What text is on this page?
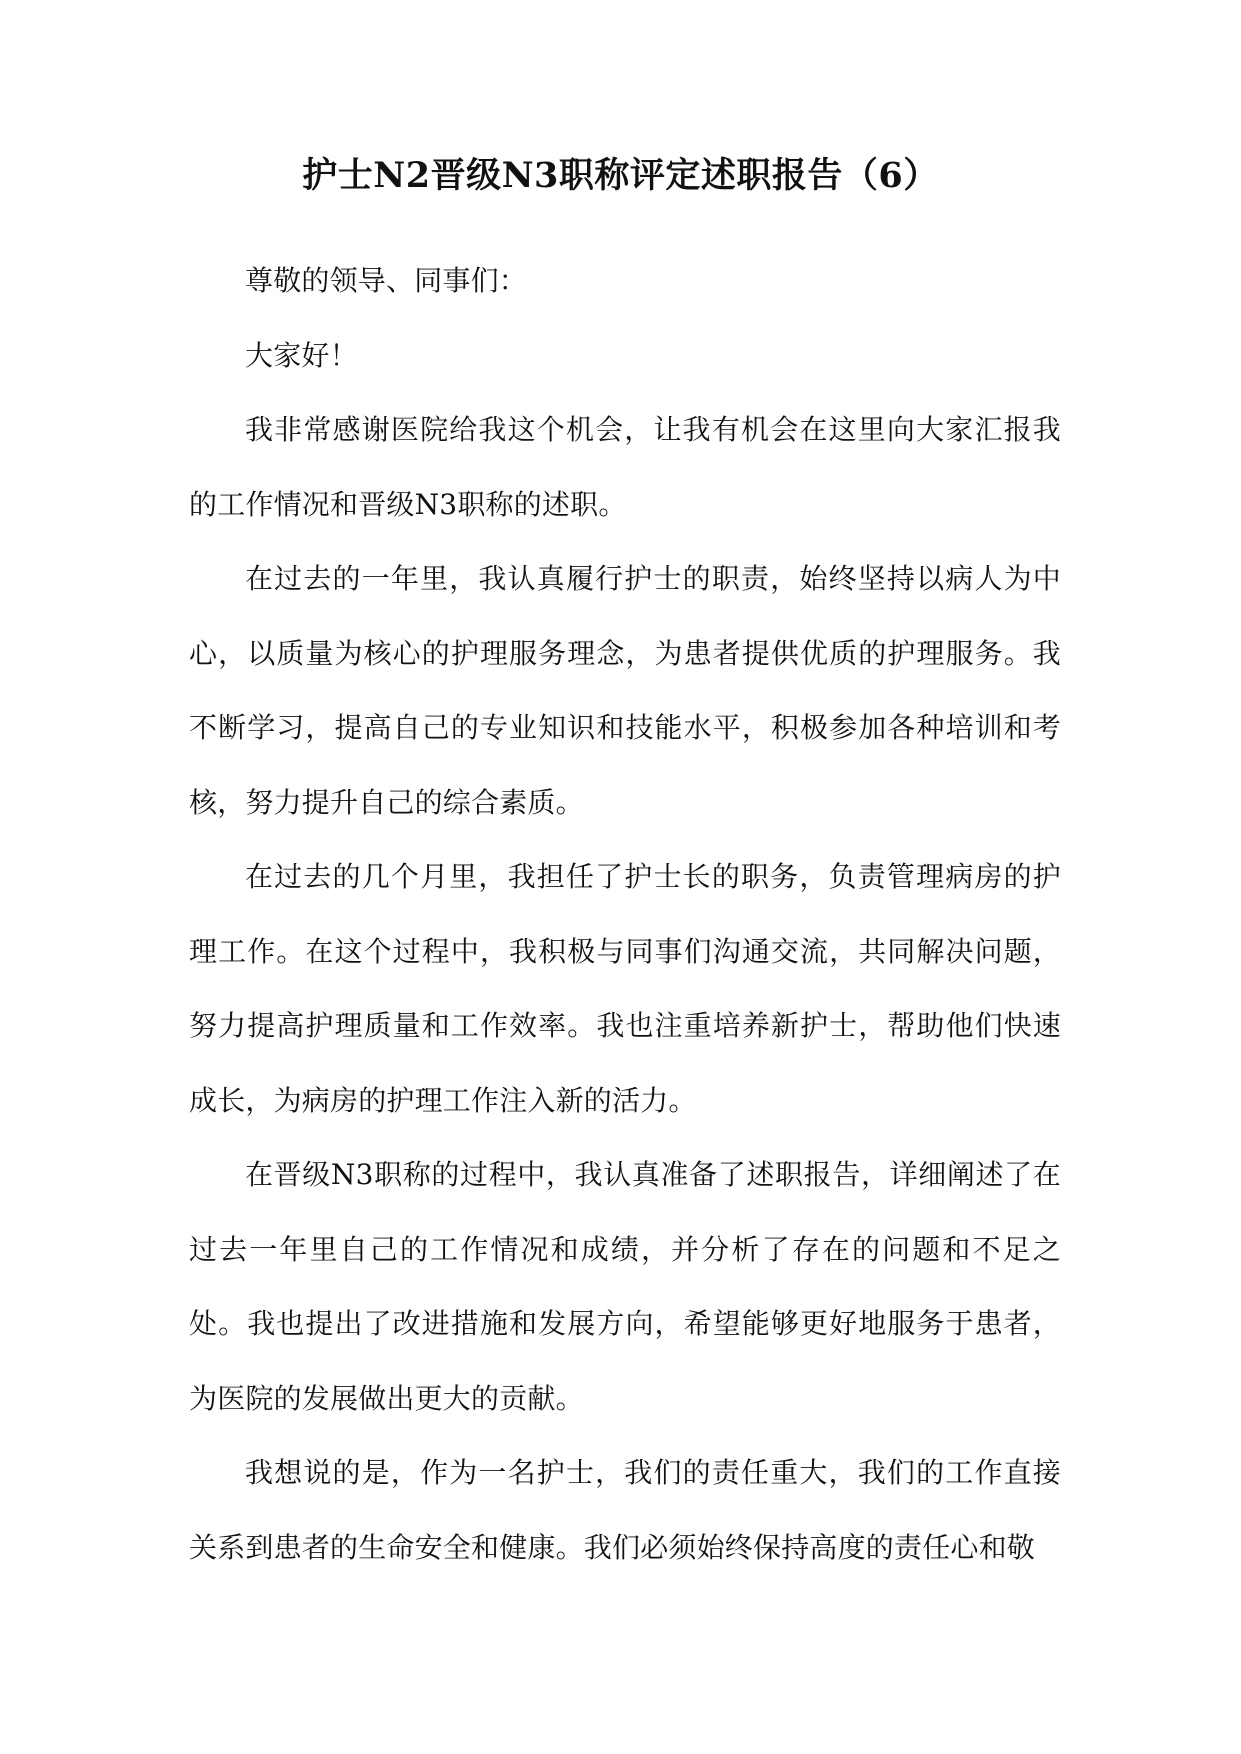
护士N2晋级N3职称评定述职报告（6）

尊敬的领导、同事们：

大家好！

我非常感谢医院给我这个机会，让我有机会在这里向大家汇报我的工作情况和晋级N3职称的述职。

在过去的一年里，我认真履行护士的职责，始终坚持以病人为中心，以质量为核心的护理服务理念，为患者提供优质的护理服务。我不断学习，提高自己的专业知识和技能水平，积极参加各种培训和考核，努力提升自己的综合素质。

在过去的几个月里，我担任了护士长的职务，负责管理病房的护理工作。在这个过程中，我积极与同事们沟通交流，共同解决问题，努力提高护理质量和工作效率。我也注重培养新护士，帮助他们快速成长，为病房的护理工作注入新的活力。

在晋级N3职称的过程中，我认真准备了述职报告，详细阐述了在过去一年里自己的工作情况和成绩，并分析了存在的问题和不足之处。我也提出了改进措施和发展方向，希望能够更好地服务于患者，为医院的发展做出更大的贡献。

我想说的是，作为一名护士，我们的责任重大，我们的工作直接关系到患者的生命安全和健康。我们必须始终保持高度的责任心和敬
